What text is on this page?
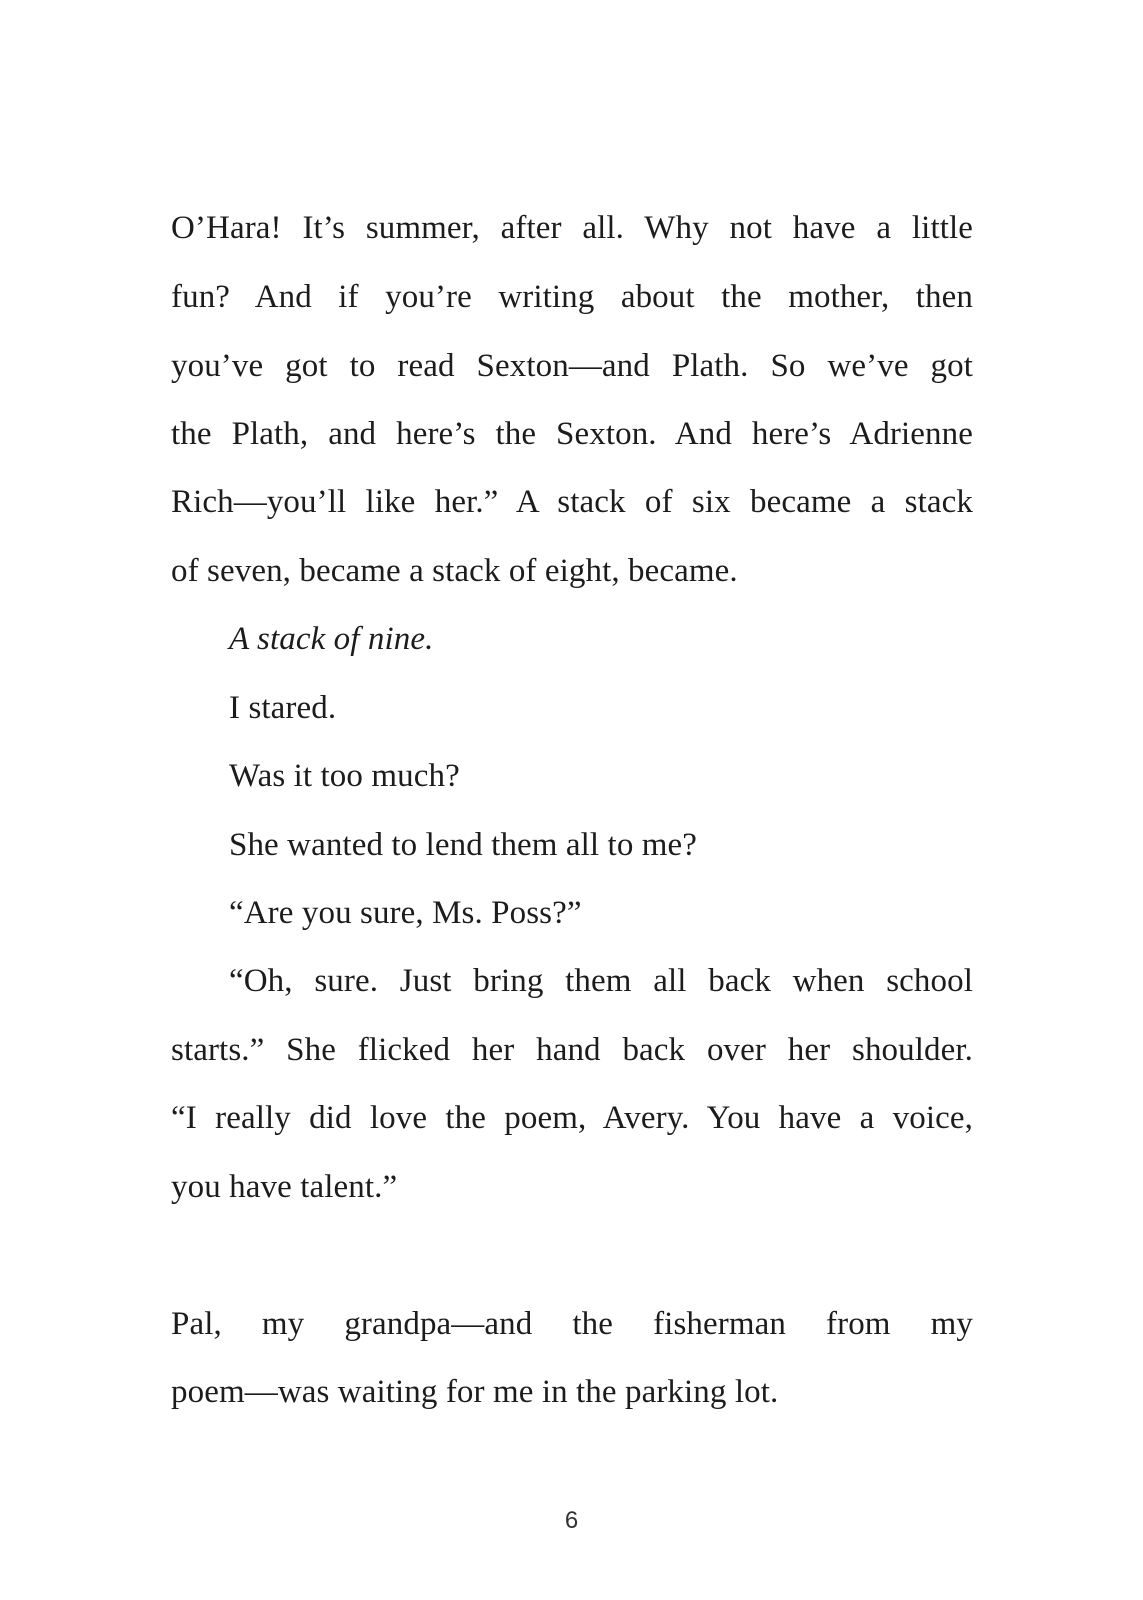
O’Hara! It’s summer, after all. Why not have a little
fun? And if you’re writing about the mother, then
you’ve got to read Sexton—and Plath. So we’ve got
the Plath, and here’s the Sexton. And here’s Adrienne
Rich—you’ll like her.” A stack of six became a stack
of seven, became a stack of eight, became.
A stack of nine.
I stared.
Was it too much?
She wanted to lend them all to me?
“Are you sure, Ms. Poss?”
“Oh, sure. Just bring them all back when school
starts.” She flicked her hand back over her shoulder.
“I really did love the poem, Avery. You have a voice,
you have talent.”
Pal, my grandpa—and the fisherman from my
poem—was waiting for me in the parking lot.
6
